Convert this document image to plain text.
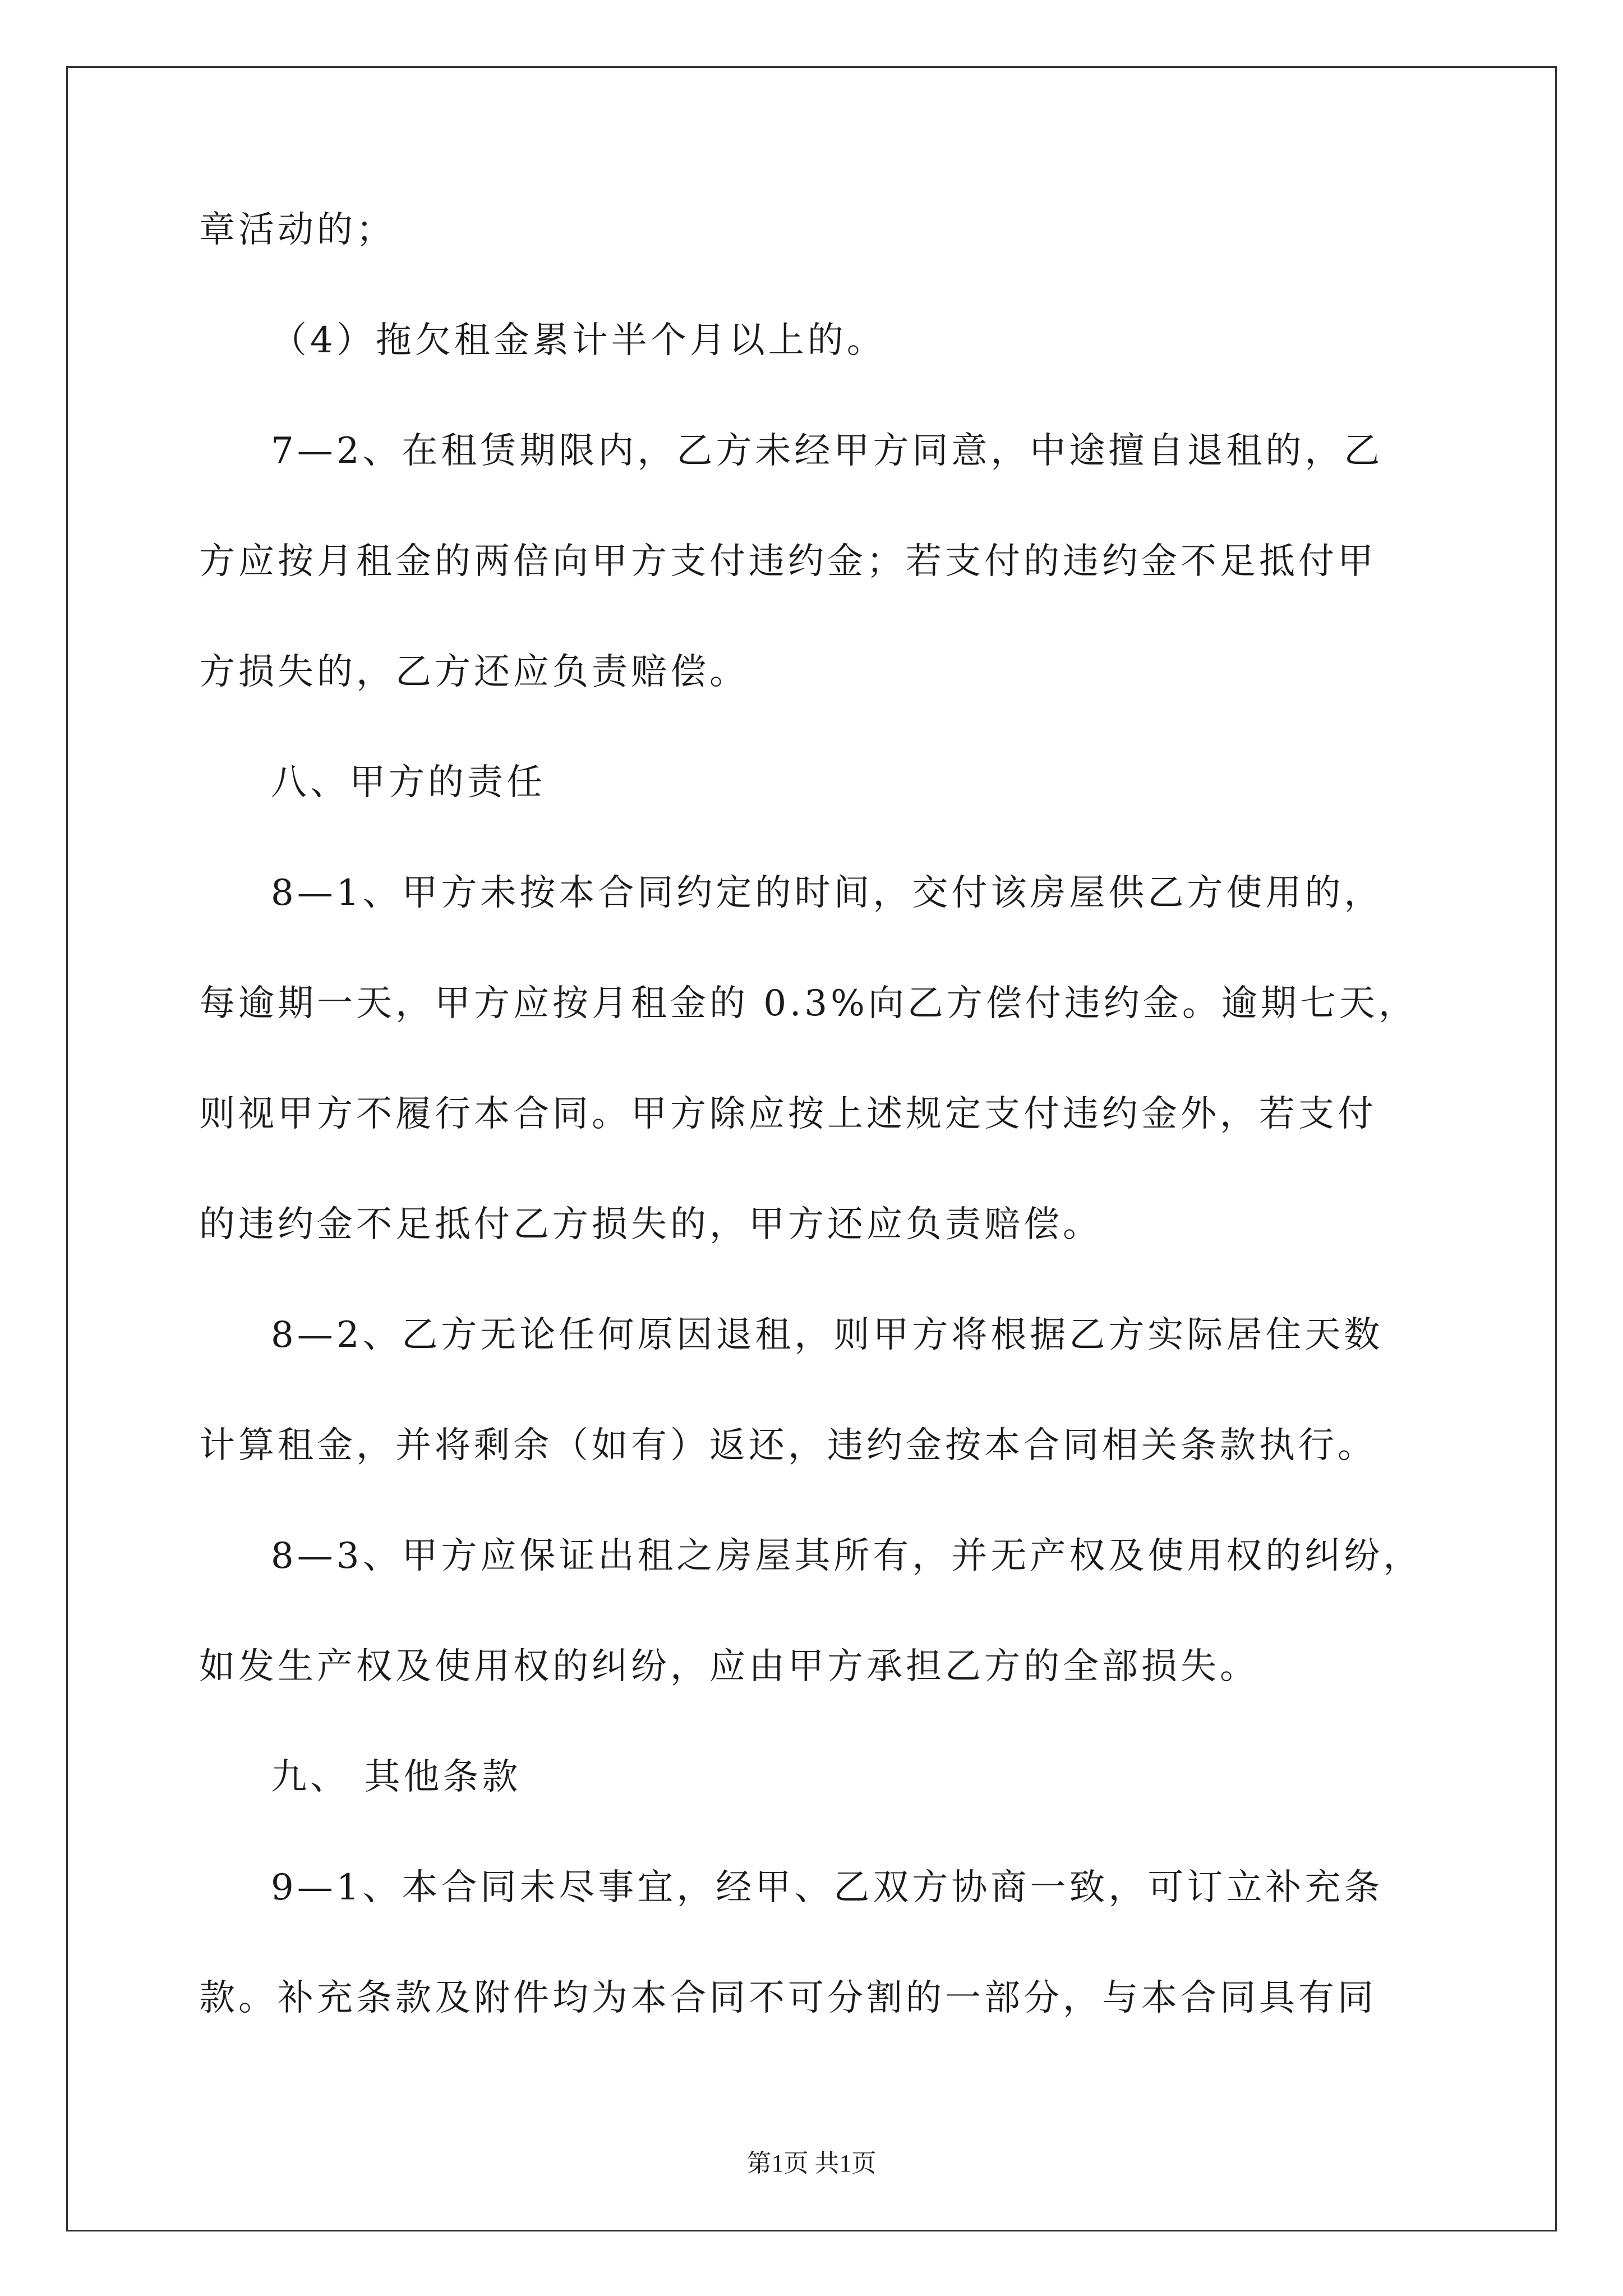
章活动的；
（4）拖欠租金累计半个月以上的。
7—2、在租赁期限内，乙方未经甲方同意，中途擅自退租的，乙
方应按月租金的两倍向甲方支付违约金；若支付的违约金不足抵付甲
方损失的，乙方还应负责赔偿。
八、甲方的责任
8—1、甲方未按本合同约定的时间，交付该房屋供乙方使用的，
每逾期一天，甲方应按月租金的 0.3%向乙方偿付违约金。逾期七天，
则视甲方不履行本合同。甲方除应按上述规定支付违约金外，若支付
的违约金不足抵付乙方损失的，甲方还应负责赔偿。
8—2、乙方无论任何原因退租，则甲方将根据乙方实际居住天数
计算租金，并将剩余（如有）返还，违约金按本合同相关条款执行。
8—3、甲方应保证出租之房屋其所有，并无产权及使用权的纠纷，
如发生产权及使用权的纠纷，应由甲方承担乙方的全部损失。
九、 其他条款
9—1、本合同未尽事宜，经甲、乙双方协商一致，可订立补充条
款。补充条款及附件均为本合同不可分割的一部分，与本合同具有同
第1页 共1页
